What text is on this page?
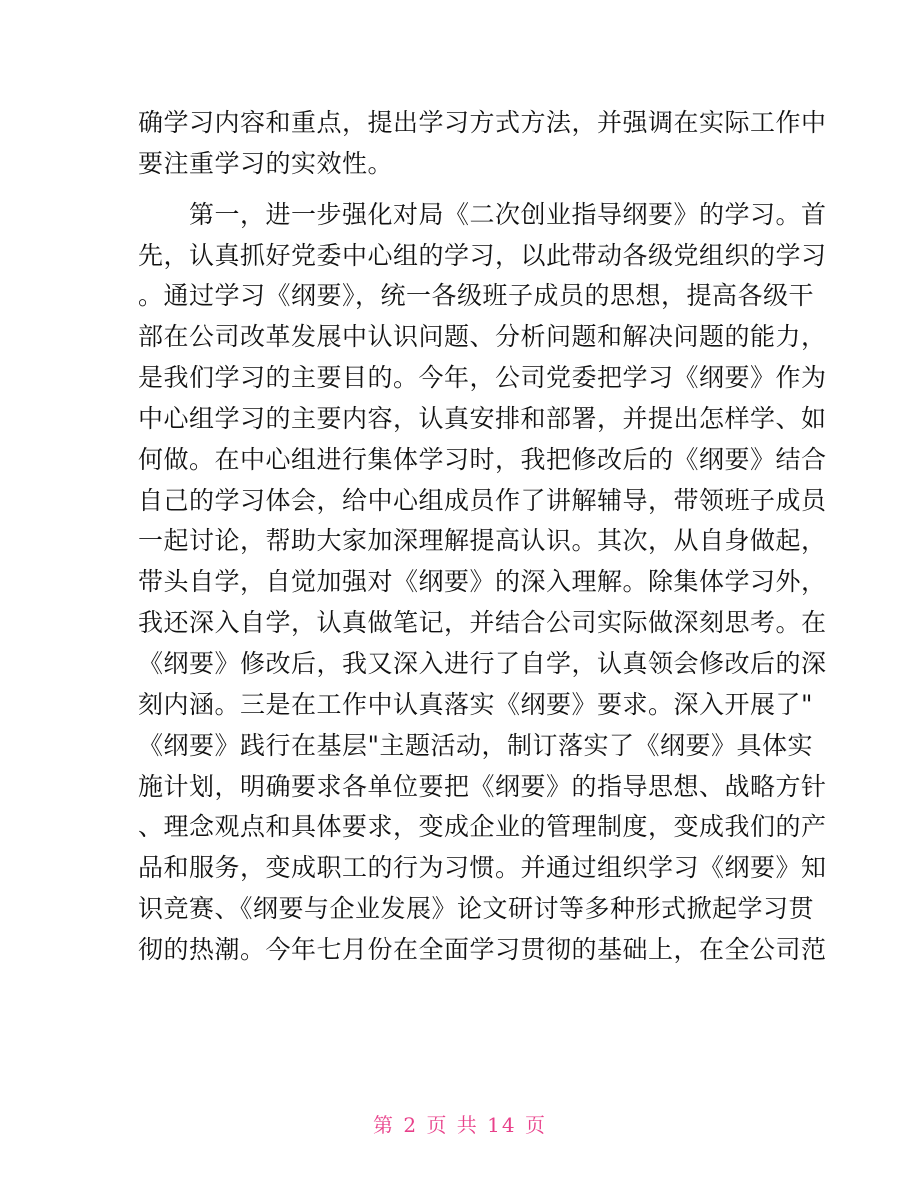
确学习内容和重点，提出学习方式方法，并强调在实际工作中
要注重学习的实效性。
　　第一，进一步强化对局《二次创业指导纲要》的学习。首
先，认真抓好党委中心组的学习，以此带动各级党组织的学习
。通过学习《纲要》，统一各级班子成员的思想，提高各级干
部在公司改革发展中认识问题、分析问题和解决问题的能力，
是我们学习的主要目的。今年，公司党委把学习《纲要》作为
中心组学习的主要内容，认真安排和部署，并提出怎样学、如
何做。在中心组进行集体学习时，我把修改后的《纲要》结合
自己的学习体会，给中心组成员作了讲解辅导，带领班子成员
一起讨论，帮助大家加深理解提高认识。其次，从自身做起，
带头自学，自觉加强对《纲要》的深入理解。除集体学习外，
我还深入自学，认真做笔记，并结合公司实际做深刻思考。在
《纲要》修改后，我又深入进行了自学，认真领会修改后的深
刻内涵。三是在工作中认真落实《纲要》要求。深入开展了"
《纲要》践行在基层"主题活动，制订落实了《纲要》具体实
施计划，明确要求各单位要把《纲要》的指导思想、战略方针
、理念观点和具体要求，变成企业的管理制度，变成我们的产
品和服务，变成职工的行为习惯。并通过组织学习《纲要》知
识竞赛、《纲要与企业发展》论文研讨等多种形式掀起学习贯
彻的热潮。今年七月份在全面学习贯彻的基础上，在全公司范
第 2 页 共 14 页
